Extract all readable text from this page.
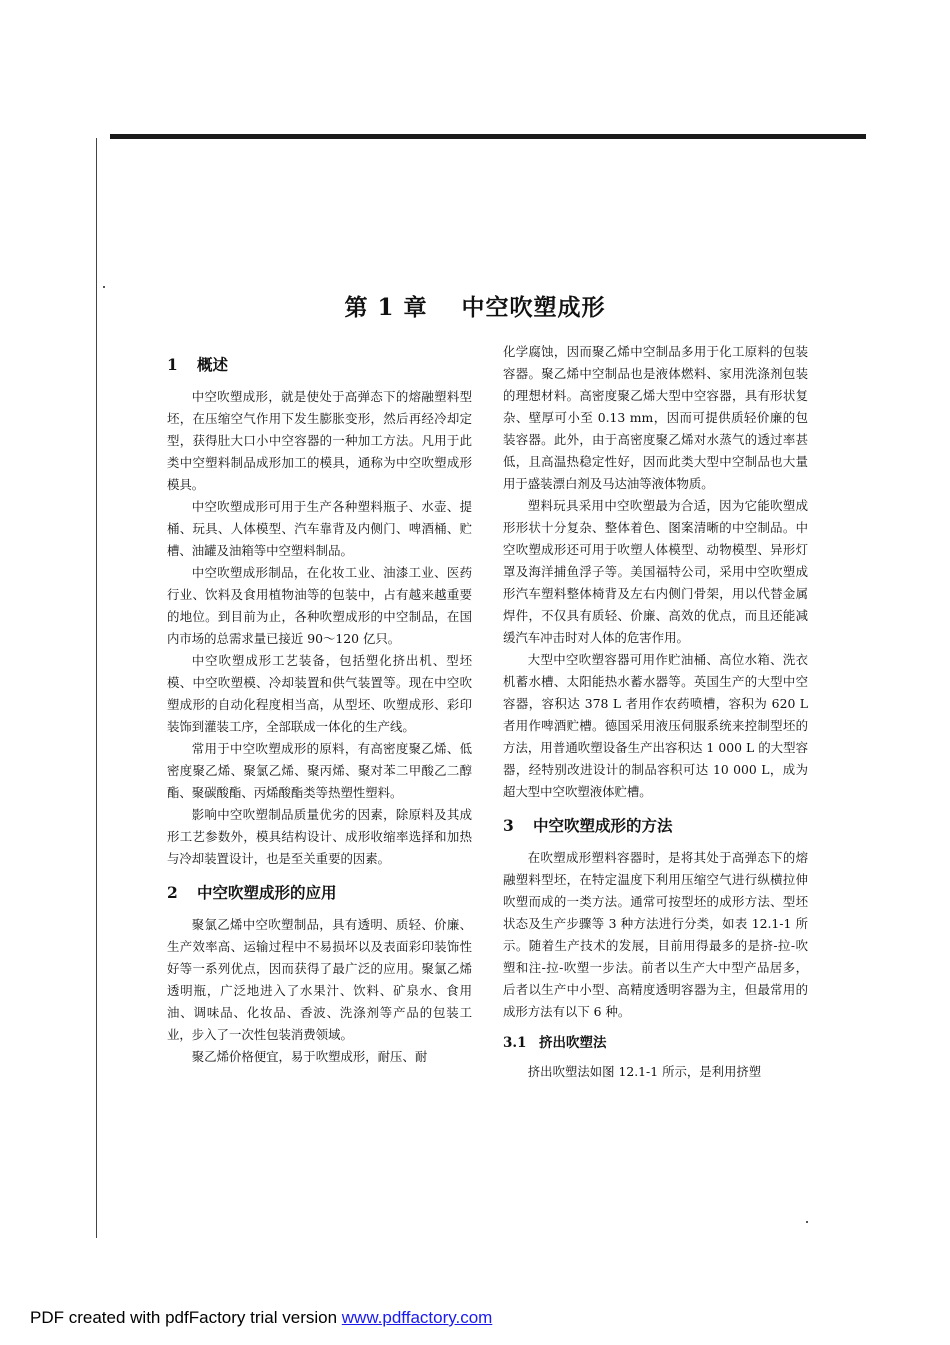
第 1 章 中空吹塑成形
1 概述

中空吹塑成形，就是使处于高弹态下的熔融塑料型坯，在压缩空气作用下发生膨胀变形，然后再经冷却定型，获得肚大口小中空容器的一种加工方法。凡用于此类中空塑料制品成形加工的模具，通称为中空吹塑成形模具。

中空吹塑成形可用于生产各种塑料瓶子、水壶、提桶、玩具、人体模型、汽车靠背及内侧门、啤酒桶、贮槽、油罐及油箱等中空塑料制品。

中空吹塑成形制品，在化妆工业、油漆工业、医药行业、饮料及食用植物油等的包装中，占有越来越重要的地位。到目前为止，各种吹塑成形的中空制品，在国内市场的总需求量已接近 90～120 亿只。

中空吹塑成形工艺装备，包括塑化挤出机、型坯模、中空吹塑模、冷却装置和供气装置等。现在中空吹塑成形的自动化程度相当高，从型坯、吹塑成形、彩印装饰到灌装工序，全部联成一体化的生产线。

常用于中空吹塑成形的原料，有高密度聚乙烯、低密度聚乙烯、聚氯乙烯、聚丙烯、聚对苯二甲酸乙二醇酯、聚碳酸酯、丙烯酸酯类等热塑性塑料。

影响中空吹塑制品质量优劣的因素，除原料及其成形工艺参数外，模具结构设计、成形收缩率选择和加热与冷却装置设计，也是至关重要的因素。

2 中空吹塑成形的应用

聚氯乙烯中空吹塑制品，具有透明、质轻、价廉、生产效率高、运输过程中不易损坏以及表面彩印装饰性好等一系列优点，因而获得了最广泛的应用。聚氯乙烯透明瓶，广泛地进入了水果汁、饮料、矿泉水、食用油、调味品、化妆品、香波、洗涤剂等产品的包装工业，步入了一次性包装消费领域。

聚乙烯价格便宜，易于吹塑成形，耐压、耐

化学腐蚀，因而聚乙烯中空制品多用于化工原料的包装容器。聚乙烯中空制品也是液体燃料、家用洗涤剂包装的理想材料。高密度聚乙烯大型中空容器，具有形状复杂、壁厚可小至 0.13 mm，因而可提供质轻价廉的包装容器。此外，由于高密度聚乙烯对水蒸气的透过率甚低，且高温热稳定性好，因而此类大型中空制品也大量用于盛装漂白剂及马达油等液体物质。

塑料玩具采用中空吹塑最为合适，因为它能吹塑成形形状十分复杂、整体着色、图案清晰的中空制品。中空吹塑成形还可用于吹塑人体模型、动物模型、异形灯罩及海洋捕鱼浮子等。美国福特公司，采用中空吹塑成形汽车塑料整体椅背及左右内侧门骨架，用以代替金属焊件，不仅具有质轻、价廉、高效的优点，而且还能减缓汽车冲击时对人体的危害作用。

大型中空吹塑容器可用作贮油桶、高位水箱、洗衣机蓄水槽、太阳能热水蓄水器等。英国生产的大型中空容器，容积达 378 L 者用作农药喷槽，容积为 620 L 者用作啤酒贮槽。德国采用液压伺服系统来控制型坯的方法，用普通吹塑设备生产出容积达 1 000 L 的大型容器，经特别改进设计的制品容积可达 10 000 L，成为超大型中空吹塑液体贮槽。

3 中空吹塑成形的方法

在吹塑成形塑料容器时，是将其处于高弹态下的熔融塑料型坯，在特定温度下利用压缩空气进行纵横拉伸吹塑而成的一类方法。通常可按型坯的成形方法、型坯状态及生产步骤等 3 种方法进行分类，如表 12.1-1 所示。随着生产技术的发展，目前用得最多的是挤-拉-吹塑和注-拉-吹塑一步法。前者以生产大中型产品居多，后者以生产中小型、高精度透明容器为主，但最常用的成形方法有以下 6 种。

3.1 挤出吹塑法

挤出吹塑法如图 12.1-1 所示，是利用挤塑

PDF created with pdfFactory trial version www.pdffactory.com
